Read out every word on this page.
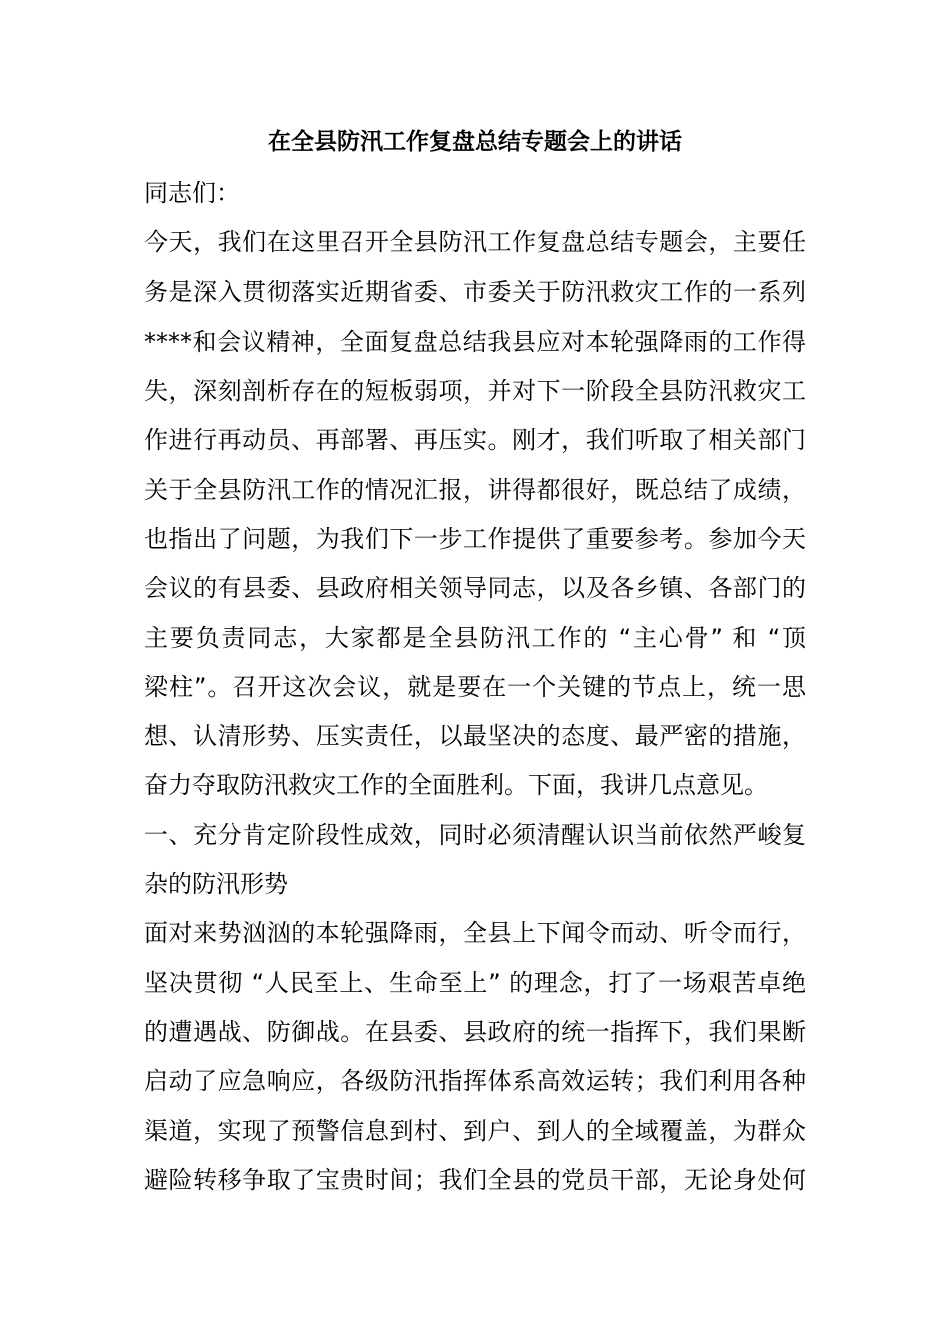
在全县防汛工作复盘总结专题会上的讲话

同志们：

今天，我们在这里召开全县防汛工作复盘总结专题会，主要任

务是深入贯彻落实近期省委、市委关于防汛救灾工作的一系列

****和会议精神，全面复盘总结我县应对本轮强降雨的工作得

失，深刻剖析存在的短板弱项，并对下一阶段全县防汛救灾工

作进行再动员、再部署、再压实。刚才，我们听取了相关部门

关于全县防汛工作的情况汇报，讲得都很好，既总结了成绩，

也指出了问题，为我们下一步工作提供了重要参考。参加今天

会议的有县委、县政府相关领导同志，以及各乡镇、各部门的

主要负责同志，大家都是全县防汛工作的 “主心骨” 和 “顶

梁柱”。召开这次会议，就是要在一个关键的节点上，统一思

想、认清形势、压实责任，以最坚决的态度、最严密的措施，

奋力夺取防汛救灾工作的全面胜利。下面，我讲几点意见。

一、充分肯定阶段性成效，同时必须清醒认识当前依然严峻复

杂的防汛形势

面对来势汹汹的本轮强降雨，全县上下闻令而动、听令而行，

坚决贯彻 “人民至上、生命至上” 的理念，打了一场艰苦卓绝

的遭遇战、防御战。在县委、县政府的统一指挥下，我们果断

启动了应急响应，各级防汛指挥体系高效运转；我们利用各种

渠道，实现了预警信息到村、到户、到人的全域覆盖，为群众

避险转移争取了宝贵时间；我们全县的党员干部，无论身处何
